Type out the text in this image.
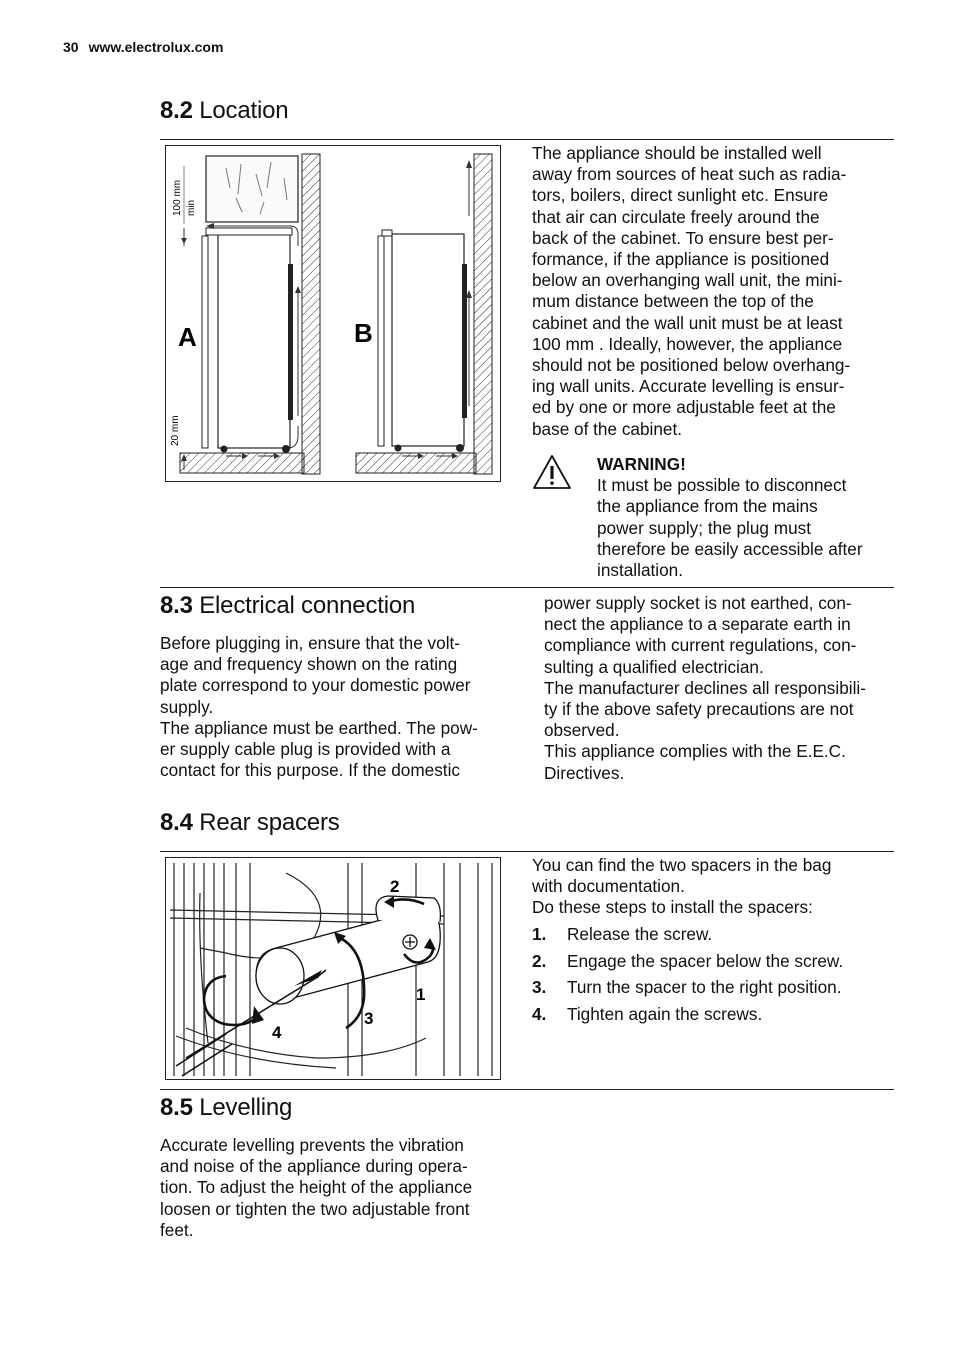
30 www.electrolux.com
8.2 Location
100 mm min
20 mm
A	B

The appliance should be installed well

away from sources of heat such as radia-

tors, boilers, direct sunlight etc. Ensure

that air can circulate freely around the

back of the cabinet. To ensure best per-

formance, if the appliance is positioned

below an overhanging wall unit, the mini-

mum distance between the top of the

cabinet and the wall unit must be at least

100 mm . Ideally, however, the appliance

should not be positioned below overhang-

ing wall units. Accurate levelling is ensur-

ed by one or more adjustable feet at the

base of the cabinet.

WARNING!

It must be possible to disconnect

the appliance from the mains

power supply; the plug must

therefore be easily accessible after

installation.

8.3 Electrical connection

Before plugging in, ensure that the volt-

age and frequency shown on the rating

plate correspond to your domestic power

supply.

The appliance must be earthed. The pow-

er supply cable plug is provided with a

contact for this purpose. If the domestic

power supply socket is not earthed, con-

nect the appliance to a separate earth in

compliance with current regulations, con-

sulting a qualified electrician.

The manufacturer declines all responsibili-

ty if the above safety precautions are not

observed.

This appliance complies with the E.E.C.

Directives.

8.4 Rear spacers
2
1
3
4

You can find the two spacers in the bag

with documentation.

Do these steps to install the spacers:

1. Release the screw.
2. Engage the spacer below the screw.
3. Turn the spacer to the right position.
4. Tighten again the screws.
8.5 Levelling

Accurate levelling prevents the vibration

and noise of the appliance during opera-

tion. To adjust the height of the appliance

loosen or tighten the two adjustable front

feet.
